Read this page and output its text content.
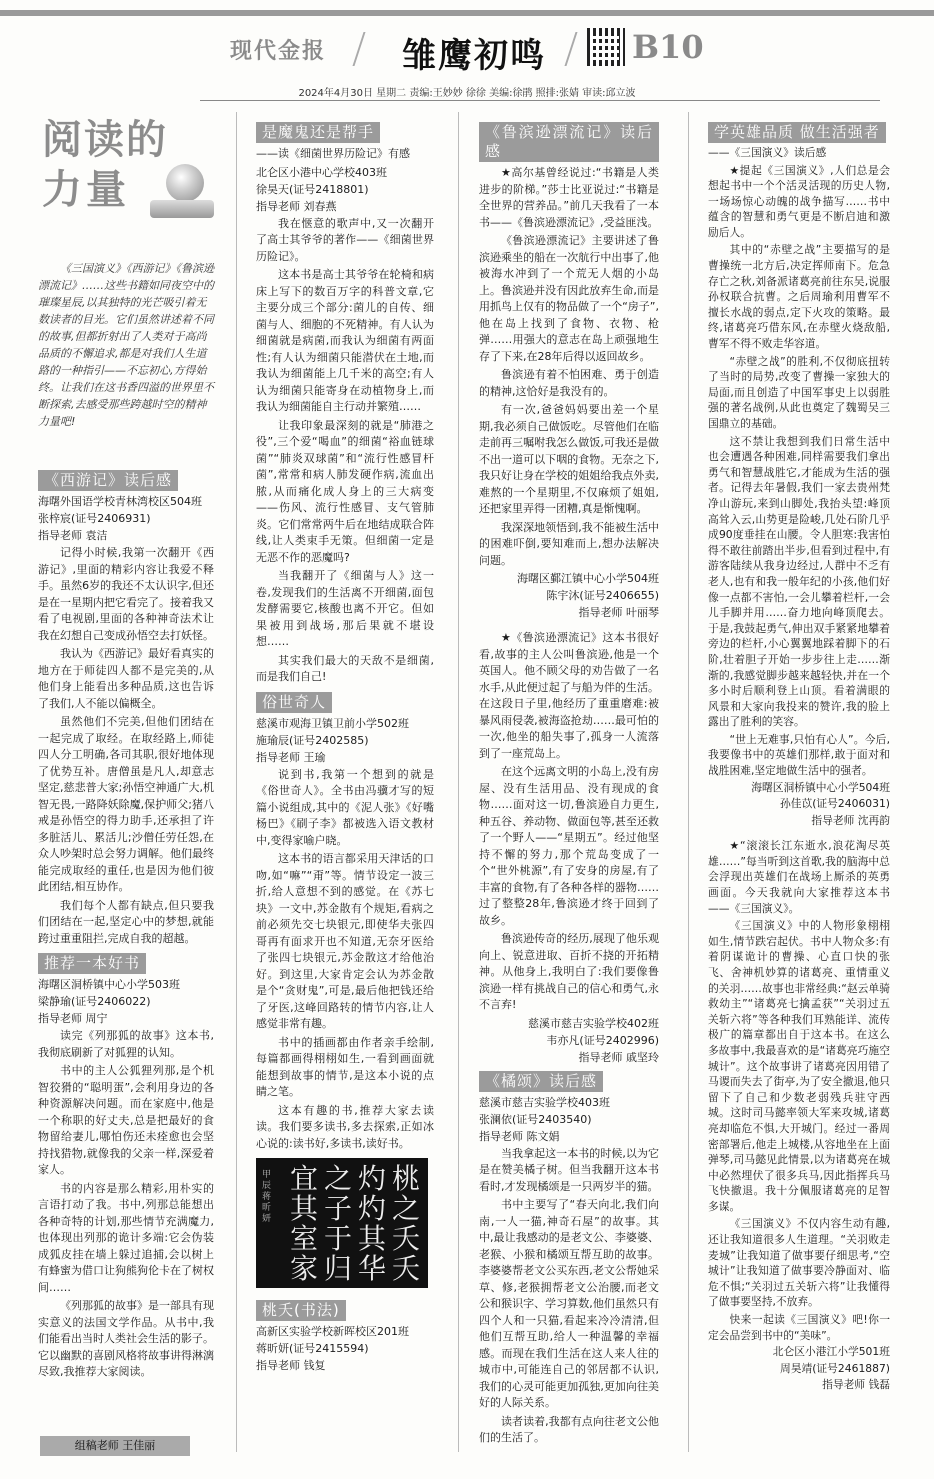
现代金报 雏鹰初鸣	B10
2024年4月30日 星期二 责编:王妙妙 徐徐 美编:徐鹃 照排:张婧 审读:邱立波
阅读的
力量

《三国演义》《西游记》《鲁滨逊漂流记》……这些书籍如同夜空中的璀璨星辰,以其独特的光芒吸引着无数读者的目光。它们虽然讲述着不同的故事,但都折射出了人类对于高尚品质的不懈追求,都是对我们人生道路的一种指引——不忘初心,方得始终。让我们在这书香四溢的世界里不断探索,去感受那些跨越时空的精神力量吧!

《西游记》读后感

海曙外国语学校青林湾校区504班

张梓宸(证号2406931)

指导老师 袁洁

记得小时候,我第一次翻开《西游记》,里面的精彩内容让我爱不释手。虽然6岁的我还不太认识字,但还是在一星期内把它看完了。接着我又看了电视剧,里面的各种神奇法术让我在幻想自己变成孙悟空去打妖怪。

我认为《西游记》最好看真实的地方在于师徒四人都不是完美的,从他们身上能看出多种品质,这也告诉了我们,人不能以偏概全。

虽然他们不完美,但他们团结在一起完成了取经。在取经路上,师徒四人分工明确,各司其职,很好地体现了优势互补。唐僧虽是凡人,却意志坚定,慈悲普大家;孙悟空神通广大,机智无畏,一路降妖除魔,保护师父;猪八戒是孙悟空的得力助手,还承担了许多脏活儿、累活儿;沙僧任劳任怨,在众人吵架时总会努力调解。他们最终能完成取经的重任,也是因为他们彼此团结,相互协作。

我们每个人都有缺点,但只要我们团结在一起,坚定心中的梦想,就能跨过重重阻拦,完成自我的超越。

推荐一本好书

海曙区洞桥镇中心小学503班

梁静瑜(证号2406022)

指导老师 周宁

读完《列那狐的故事》这本书,我彻底刷新了对狐狸的认知。

书中的主人公狐狸列那,是个机智狡猾的“聪明蛋”,会利用身边的各种资源解决问题。而在家庭中,他是一个称职的好丈夫,总是把最好的食物留给妻儿,哪怕伤还未痊愈也会坚持找猎物,就像我的父亲一样,深爱着家人。

书的内容是那么精彩,用朴实的言语打动了我。书中,列那总能想出各种奇特的计划,那些情节充满魔力,也体现出列那的诡计多端:它会伪装成狐皮挂在墙上躲过追捕,会以树上有蜂蜜为借口让狗熊狗伦卡在了树权间……

《列那狐的故事》是一部具有现实意义的法国文学作品。从书中,我们能看出当时人类社会生活的影子。它以幽默的喜剧风格将故事讲得淋漓尽致,我推荐大家阅读。

组稿老师 王佳丽
是魔鬼还是帮手

——读《细菌世界历险记》有感

北仑区小港中心学校403班

徐昊天(证号2418801)

指导老师 刘春燕

我在惬意的歌声中,又一次翻开了高士其爷爷的著作——《细菌世界历险记》。

这本书是高士其爷爷在轮椅和病床上写下的数百万字的科普文章,它主要分成三个部分:菌儿的自传、细菌与人、细胞的不死精神。有人认为细菌就是病菌,而我认为细菌有两面性;有人认为细菌只能潜伏在土地,而我认为细菌能上几千米的高空;有人认为细菌只能寄身在动植物身上,而我认为细菌能自主行动并繁殖……

让我印象最深刻的就是“肺港之役”,三个爱“喝血”的细菌“裕血链球菌”“肺炎双球菌”和“流行性感冒杆菌”,常常和病人肺发硬作病,流血出脓,从而痛化成人身上的三大病变——伤风、流行性感冒、支气管肺炎。它们常常两牛后在地结成联合阵线,让人类束手无策。但细菌一定是无恶不作的恶魔吗?

当我翻开了《细菌与人》这一卷,发现我们的生活离不开细菌,面包发酵需要它,核酸也离不开它。但如果被用到战场,那后果就不堪设想……

其实我们最大的天敌不是细菌,而是我们自己!

俗世奇人

慈溪市观海卫镇卫前小学502班

施瑜辰(证号2402585)

指导老师 王瑜

说到书,我第一个想到的就是《俗世奇人》。全书由冯骥才写的短篇小说组成,其中的《泥人张》《好嘴杨巴》《刷子李》都被选入语文教材中,变得家喻户晓。

这本书的语言都采用天津话的口吻,如“嘛”“甭”等。情节设定一波三折,给人意想不到的感觉。在《苏七块》一文中,苏金散有个规矩,看病之前必须先交七块银元,即使华夫张四哥再有面求开也不知道,无奈牙医给了张四七块银元,苏金散这才给他治好。到这里,大家肯定会认为苏金散是个“贪财鬼”,可是,最后他把钱还给了牙医,这峰回路转的情节内容,让人感觉非常有趣。

书中的插画都由作者亲手绘制,每篇都画得栩栩如生,一看到画面就能想到故事的情节,是这本小说的点睛之笔。

这本有趣的书,推荐大家去读读。我们要多读书,多去探索,正如冰心说的:读书好,多读书,读好书。

甲辰 蒋昕妍
桃之夭夭
灼灼其华
之子于归
宜其室家
桃夭(书法)

高新区实验学校新晖校区201班

蒋昕妍(证号2415594)

指导老师 钱复

《鲁滨逊漂流记》读后感

★高尔基曾经说过:“书籍是人类进步的阶梯。”莎士比亚说过:“书籍是全世界的营养品。”前几天我看了一本书——《鲁滨逊漂流记》,受益匪浅。

《鲁滨逊漂流记》主要讲述了鲁滨逊乘坐的船在一次航行中出事了,他被海水冲到了一个荒无人烟的小岛上。鲁滨逊并没有因此放弃生命,而是用抓鸟上仅有的物品做了一个“房子”,他在岛上找到了食物、衣物、枪弹……用强大的意志在岛上顽强地生存了下来,在28年后得以返回故乡。

鲁滨逊有着不怕困难、勇于创造的精神,这恰好是我没有的。

有一次,爸爸妈妈要出差一个星期,我必须自己做饭吃。尽管他们在临走前再三嘱咐我怎么做饭,可我还是做不出一道可以下咽的食物。无奈之下,我只好让身在学校的姐姐给我点外卖,难熬的一个星期里,不仅麻烦了姐姐,还把家里弄得一团糟,真是惭愧啊。

我深深地领悟到,我不能被生活中的困难吓倒,要知难而上,想办法解决问题。

海曙区鄞江镇中心小学504班

陈宇沐(证号2406655)

指导老师 叶丽琴

★《鲁滨逊漂流记》这本书很好看,故事的主人公叫鲁滨逊,他是一个英国人。他不顾父母的劝告做了一名水手,从此便过起了与船为伴的生活。在这段日子里,他经历了重重磨难:被暴风雨侵袭,被海盗抢劫……最可怕的一次,他坐的船失事了,孤身一人流落到了一座荒岛上。

在这个远离文明的小岛上,没有房屋、没有生活用品、没有现成的食物……面对这一切,鲁滨逊自力更生,种五谷、养动物、做面包等,甚至还救了一个野人——“星期五”。经过他坚持不懈的努力,那个荒岛变成了一个“世外桃源”,有了安身的房屋,有了丰富的食物,有了各种各样的器物……过了整整28年,鲁滨逊才终于回到了故乡。

鲁滨逊传奇的经历,展现了他乐观向上、锐意进取、百折不挠的开拓精神。从他身上,我明白了:我们要像鲁滨逊一样有挑战自己的信心和勇气,永不言弃!

慈溪市慈吉实验学校402班

韦亦凡(证号2402996)

指导老师 戚坚玲

《橘颂》读后感

慈溪市慈吉实验学校403班

张澜依(证号2403540)

指导老师 陈文娟

当我拿起这一本书的时候,以为它是在赞美橘子树。但当我翻开这本书看时,才发现橘颂是一只两岁半的猫。

书中主要写了“春天向北,我们向南,一人一猫,神奇石屋”的故事。其中,最让我感动的是老文公、李婆婆、老猴、小猴和橘颂互帮互助的故事。李婆婆帮老文公买东西,老文公帮她采草、修,老猴拥帮老文公治腰,而老文公和猴识字、学习算数,他们虽然只有四个人和一只猫,看起来冷冷清清,但他们互帮互助,给人一种温馨的幸福感。而现在我们生活在这人来人往的城市中,可能连自己的邻居都不认识,我们的心灵可能更加孤独,更加向往美好的人际关系。

读者读着,我都有点向往老文公他们的生活了。

学英雄品质 做生活强者

——《三国演义》读后感

★提起《三国演义》,人们总是会想起书中一个个活灵活现的历史人物,一场场惊心动魄的战争描写……书中蕴含的智慧和勇气更是不断启迪和激励后人。

其中的“赤壁之战”主要描写的是曹操统一北方后,决定挥师南下。危急存亡之秋,刘备派诸葛亮前往东吴,说服孙权联合抗曹。之后周瑜利用曹军不擅长水战的弱点,定下火攻的策略。最终,诸葛亮巧借东风,在赤壁火烧敌船,曹军不得不败走华容道。

“赤壁之战”的胜利,不仅彻底扭转了当时的局势,改变了曹操一家独大的局面,而且创造了中国军事史上以弱胜强的著名战例,从此也奠定了魏蜀吴三国鼎立的基础。

这不禁让我想到我们日常生活中也会遭遇各种困难,同样需要我们拿出勇气和智慧战胜它,才能成为生活的强者。记得去年暑假,我们一家去贵州梵净山游玩,来到山脚处,我抬头望:峰顶高耸入云,山势更是险峻,几处石阶几乎成90度垂挂在山腰。令人胆寒:我害怕得不敢往前踏出半步,但看到过程中,有游客陆续从我身边经过,人群中不乏有老人,也有和我一般年纪的小孩,他们好像一点都不害怕,一会儿攀着栏杆,一会儿手脚并用……奋力地向峰顶爬去。于是,我鼓起勇气,伸出双手紧紧地攀着旁边的栏杆,小心翼翼地踩着脚下的石阶,壮着胆子开始一步步往上走……渐渐的,我感觉脚步越来越轻快,并在一个多小时后顺利登上山顶。看着满眼的风景和大家向我投来的赞许,我的脸上露出了胜利的笑容。

“世上无难事,只怕有心人”。今后,我要像书中的英雄们那样,敢于面对和战胜困难,坚定地做生活中的强者。

海曙区洞桥镇中心小学504班

孙佳苡(证号2406031)

指导老师 沈再韵

★“滚滚长江东逝水,浪花淘尽英雄……”每当听到这首歌,我的脑海中总会浮现出英雄们在战场上厮杀的英勇画面。今天我就向大家推荐这本书——《三国演义》。

《三国演义》中的人物形象栩栩如生,情节跌宕起伏。书中人物众多:有着阴谋诡计的曹操、心直口快的张飞、舍神机妙算的诸葛亮、重情重义的关羽……故事也非常经典:“赵云单骑救幼主”“诸葛亮七擒孟获”“关羽过五关斩六将”等各种我们耳熟能详、流传极广的篇章都出自于这本书。在这么多故事中,我最喜欢的是“诸葛亮巧施空城计”。这个故事讲了诸葛亮因用错了马谡而失去了街亭,为了安全撤退,他只留下了自己和少数老弱残兵驻守西城。这时司马懿率领大军来攻城,诸葛亮却临危不惧,大开城门。经过一番周密部署后,他走上城楼,从容地坐在上面弹琴,司马懿见此情景,以为诸葛亮在城中必然埋伏了很多兵马,因此指挥兵马飞快撤退。我十分佩服诸葛亮的足智多谋。

《三国演义》不仅内容生动有趣,还让我知道很多人生道理。“关羽败走麦城”让我知道了做事要仔细思考,“空城计”让我知道了做事要冷静面对、临危不惧;“关羽过五关斩六将”让我懂得了做事要坚持,不放弃。

快来一起读《三国演义》吧!你一定会品尝到书中的“美味”。

北仑区小港江小学501班

周昊靖(证号2461887)

指导老师 钱磊
